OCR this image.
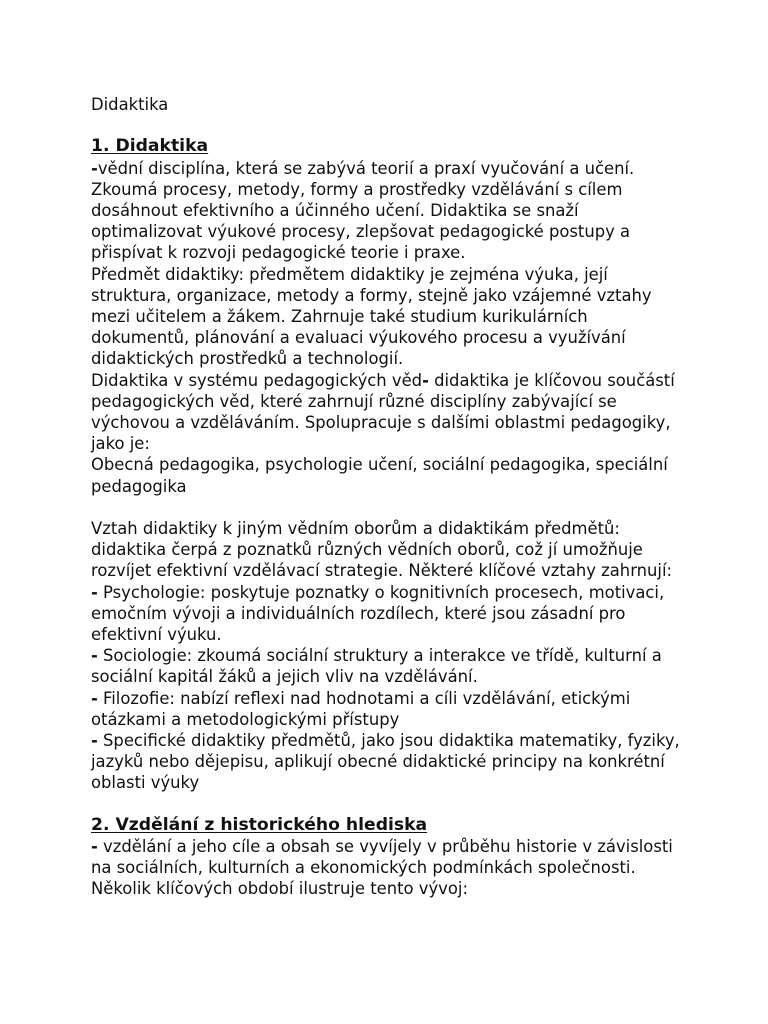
Didaktika

1. Didaktika

-vědní disciplína, která se zabývá teorií a praxí vyučování a učení. Zkoumá procesy, metody, formy a prostředky vzdělávání s cílem dosáhnout efektivního a účinného učení. Didaktika se snaží optimalizovat výukové procesy, zlepšovat pedagogické postupy a přispívat k rozvoji pedagogické teorie i praxe.

Předmět didaktiky: předmětem didaktiky je zejména výuka, její struktura, organizace, metody a formy, stejně jako vzájemné vztahy mezi učitelem a žákem. Zahrnuje také studium kurikulárních dokumentů, plánování a evaluaci výukového procesu a využívání didaktických prostředků a technologií.

Didaktika v systému pedagogických věd- didaktika je klíčovou součástí pedagogických věd, které zahrnují různé disciplíny zabývající se výchovou a vzděláváním. Spolupracuje s dalšími oblastmi pedagogiky, jako je:

Obecná pedagogika, psychologie učení, sociální pedagogika, speciální pedagogika

Vztah didaktiky k jiným vědním oborům a didaktikám předmětů: didaktika čerpá z poznatků různých vědních oborů, což jí umožňuje rozvíjet efektivní vzdělávací strategie. Některé klíčové vztahy zahrnují:

- Psychologie: poskytuje poznatky o kognitivních procesech, motivaci, emočním vývoji a individuálních rozdílech, které jsou zásadní pro efektivní výuku.

- Sociologie: zkoumá sociální struktury a interakce ve třídě, kulturní a sociální kapitál žáků a jejich vliv na vzdělávání.

- Filozofie: nabízí reflexi nad hodnotami a cíli vzdělávání, etickými otázkami a metodologickými přístupy

- Specifické didaktiky předmětů, jako jsou didaktika matematiky, fyziky, jazyků nebo dějepisu, aplikují obecné didaktické principy na konkrétní oblasti výuky

2. Vzdělání z historického hlediska

- vzdělání a jeho cíle a obsah se vyvíjely v průběhu historie v závislosti na sociálních, kulturních a ekonomických podmínkách společnosti. Několik klíčových období ilustruje tento vývoj:
